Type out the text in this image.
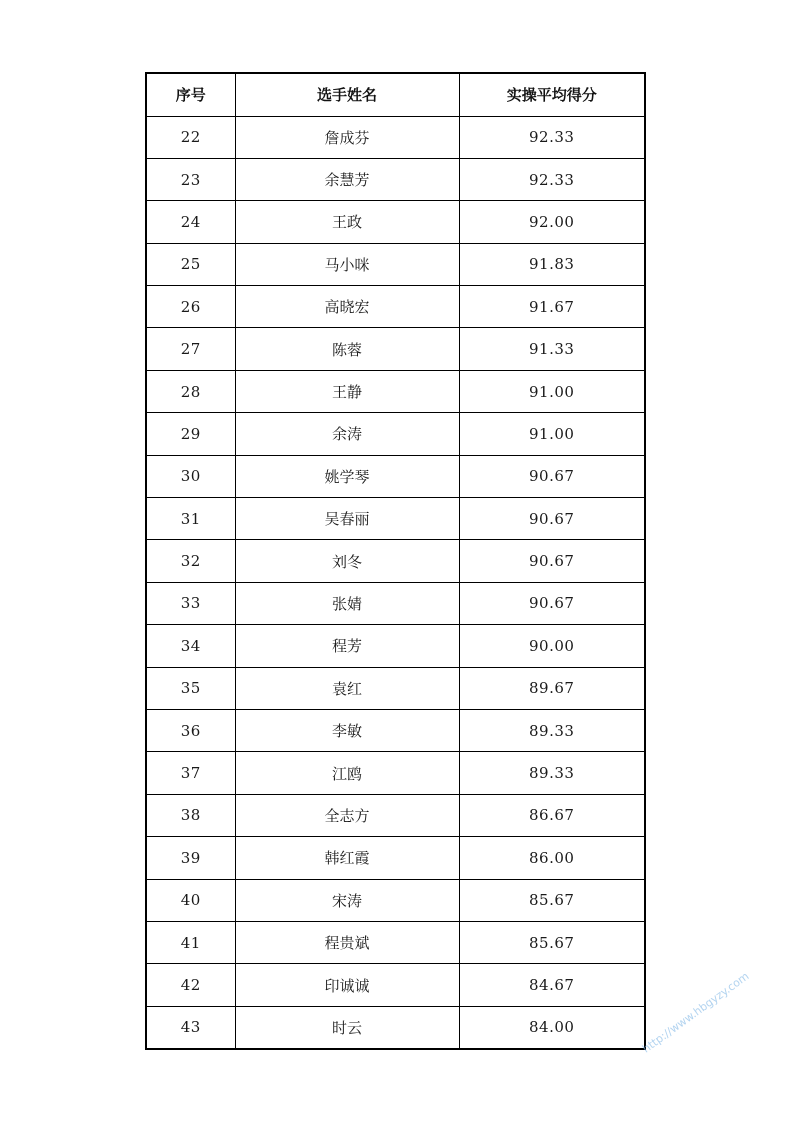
序号	选手姓名	实操平均得分
22	詹成芬	92.33
23	余慧芳	92.33
24	王政	92.00
25	马小咪	91.83
26	高晓宏	91.67
27	陈蓉	91.33
28	王静	91.00
29	余涛	91.00
30	姚学琴	90.67
31	吴春丽	90.67
32	刘冬	90.67
33	张婧	90.67
34	程芳	90.00
35	袁红	89.67
36	李敏	89.33
37	江鸥	89.33
38	全志方	86.67
39	韩红霞	86.00
40	宋涛	85.67
41	程贵斌	85.67
42	印诚诚	84.67
43	时云	84.00	http://www.hbgyzy.com
